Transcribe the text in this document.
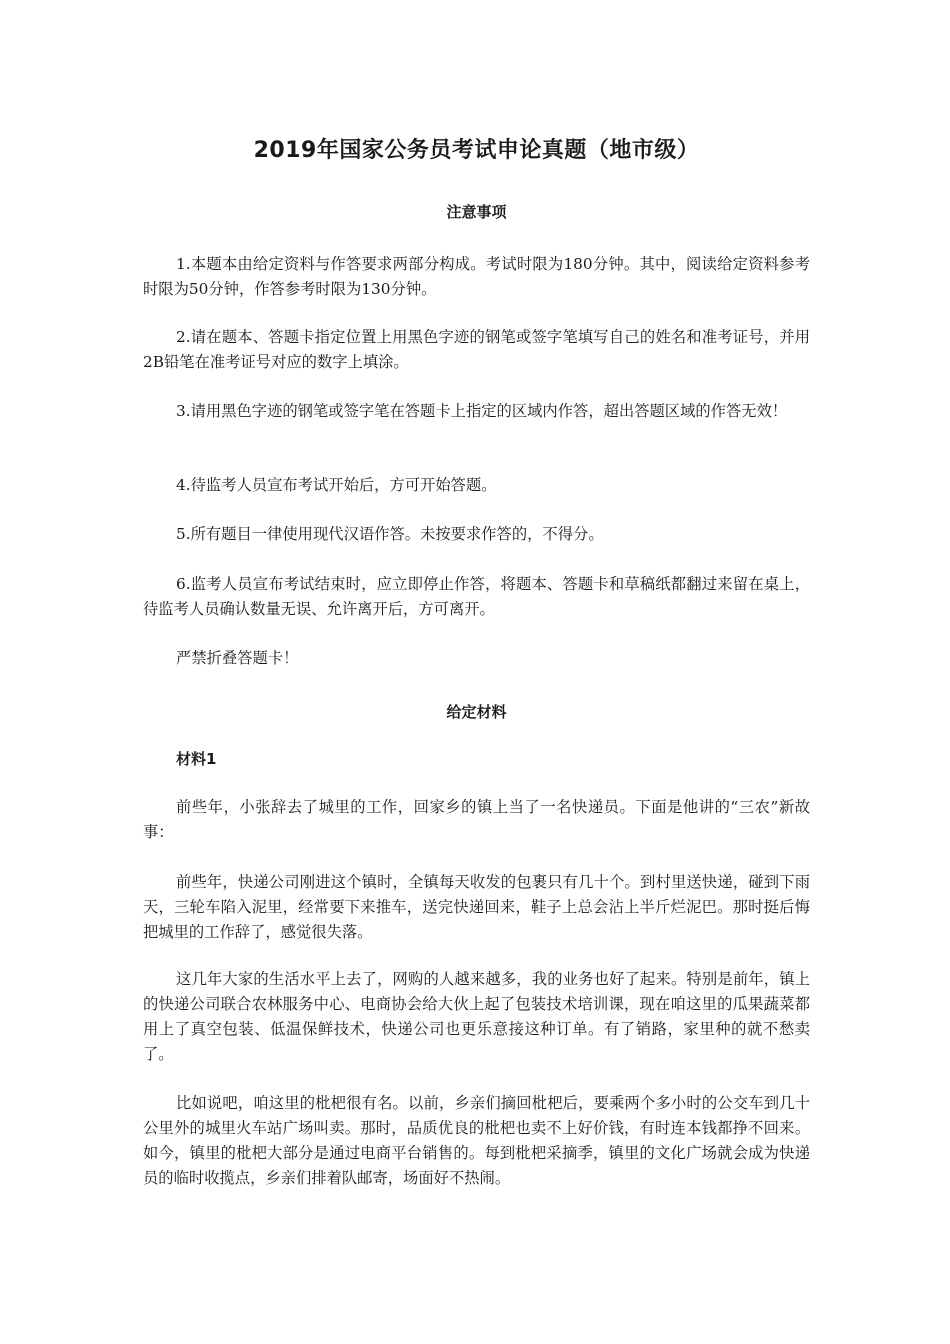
2019年国家公务员考试申论真题（地市级）
注意事项

1.本题本由给定资料与作答要求两部分构成。考试时限为180分钟。其中，阅读给定资料参考时限为50分钟，作答参考时限为130分钟。

2.请在题本、答题卡指定位置上用黑色字迹的钢笔或签字笔填写自己的姓名和准考证号，并用2B铅笔在准考证号对应的数字上填涂。

3.请用黑色字迹的钢笔或签字笔在答题卡上指定的区域内作答，超出答题区域的作答无效！

4.待监考人员宣布考试开始后，方可开始答题。

5.所有题目一律使用现代汉语作答。未按要求作答的，不得分。

6.监考人员宣布考试结束时，应立即停止作答，将题本、答题卡和草稿纸都翻过来留在桌上，待监考人员确认数量无误、允许离开后，方可离开。

严禁折叠答题卡！

给定材料
材料1

前些年，小张辞去了城里的工作，回家乡的镇上当了一名快递员。下面是他讲的“三农”新故事：

前些年，快递公司刚进这个镇时，全镇每天收发的包裹只有几十个。到村里送快递，碰到下雨天，三轮车陷入泥里，经常要下来推车，送完快递回来，鞋子上总会沾上半斤烂泥巴。那时挺后悔把城里的工作辞了，感觉很失落。

这几年大家的生活水平上去了，网购的人越来越多，我的业务也好了起来。特别是前年，镇上的快递公司联合农林服务中心、电商协会给大伙上起了包装技术培训课，现在咱这里的瓜果蔬菜都用上了真空包装、低温保鲜技术，快递公司也更乐意接这种订单。有了销路，家里种的就不愁卖了。

比如说吧，咱这里的枇杷很有名。以前，乡亲们摘回枇杷后，要乘两个多小时的公交车到几十公里外的城里火车站广场叫卖。那时，品质优良的枇杷也卖不上好价钱，有时连本钱都挣不回来。如今，镇里的枇杷大部分是通过电商平台销售的。每到枇杷采摘季，镇里的文化广场就会成为快递员的临时收揽点，乡亲们排着队邮寄，场面好不热闹。
